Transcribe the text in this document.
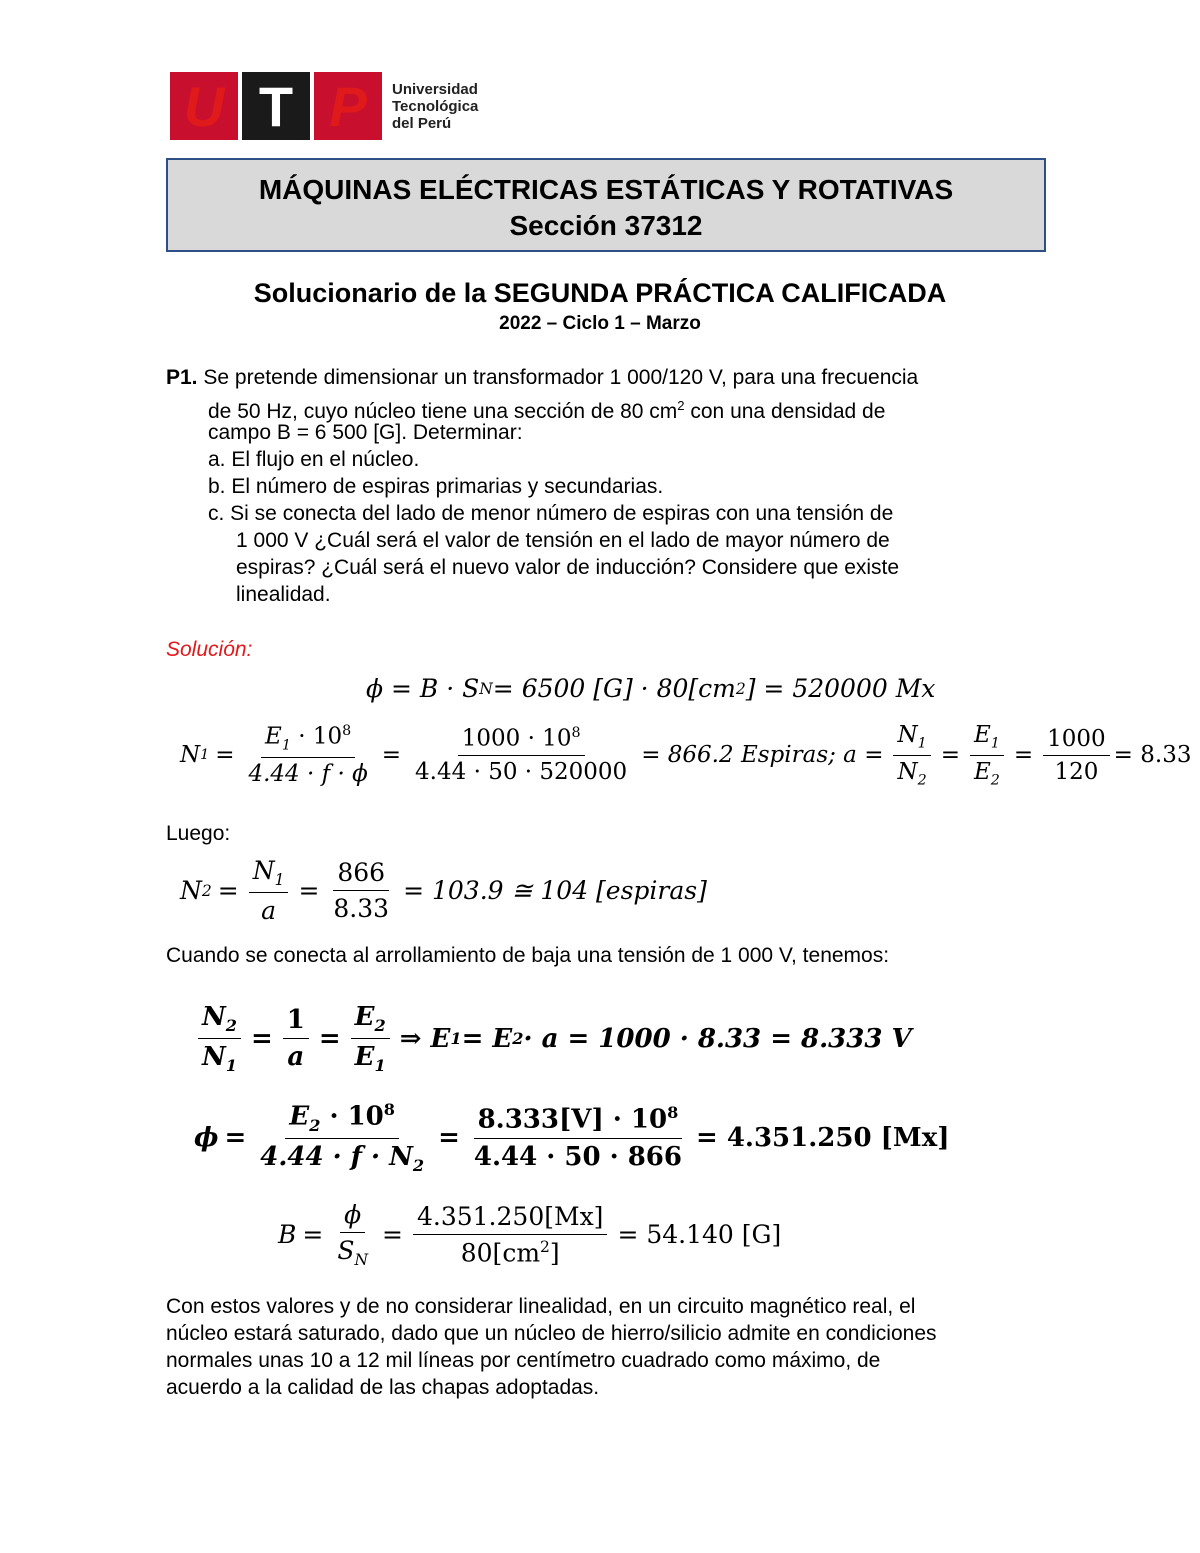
U T P	Universidad
Tecnológica
del Perú
MÁQUINAS ELÉCTRICAS ESTÁTICAS Y ROTATIVAS
Sección 37312
Solucionario de la SEGUNDA PRÁCTICA CALIFICADA
2022 – Ciclo 1 – Marzo
P1. Se pretende dimensionar un transformador 1 000/120 V, para una frecuencia
de 50 Hz, cuyo núcleo tiene una sección de 80 $cm^2$ con una densidad de
campo B = 6 500 [G]. Determinar:
a. El flujo en el núcleo.
b. El número de espiras primarias y secundarias.
c. Si se conecta del lado de menor número de espiras con una tensión de
1 000 V ¿Cuál será el valor de tensión en el lado de mayor número de
espiras? ¿Cuál será el nuevo valor de inducción? Considere que existe
linealidad.
Solución:
ϕ = B · S N = 6500 [G] · 80[cm 2 ] = 520000 Mx
N $1 = \frac{E_1 \cdot 10^8}{4.44 \cdot f \cdot \phi} = \frac{1000 \cdot 10^8}{4.44 \cdot 50 \cdot 520000} = 866.2$ Espiras; $a = \frac{N_1}{N_2} = \frac{E_1}{E_2} = \frac{1000}{120} = 8.33$
Luego:
N $2 = \frac{N_1}{a} = \frac{866}{8.33} = 103.9$ ≅ 104 [espiras]
Cuando se conecta al arrollamiento de baja una tensión de 1 000 V, tenemos:
$\frac{N_2}{N_1} = \frac{1}{a} = \frac{E_2}{E_1}$ ⇒ E 1 = E 2 · a = 1000 · 8.33 = 8.333 V
$\phi = \frac{E_2 \cdot 10^8}{4.44 \cdot f \cdot N_2} = \frac{8.333[V] \cdot 10^8}{4.44 \cdot 50 \cdot 866} = 4.351.250$ [Mx]
$B = \frac{\phi}{S_N} = \frac{4.351.250[Mx]}{80[cm^2]} = 54.140$ [G]
Con estos valores y de no considerar linealidad, en un circuito magnético real, el
núcleo estará saturado, dado que un núcleo de hierro/silicio admite en condiciones
normales unas 10 a 12 mil líneas por centímetro cuadrado como máximo, de
acuerdo a la calidad de las chapas adoptadas.
